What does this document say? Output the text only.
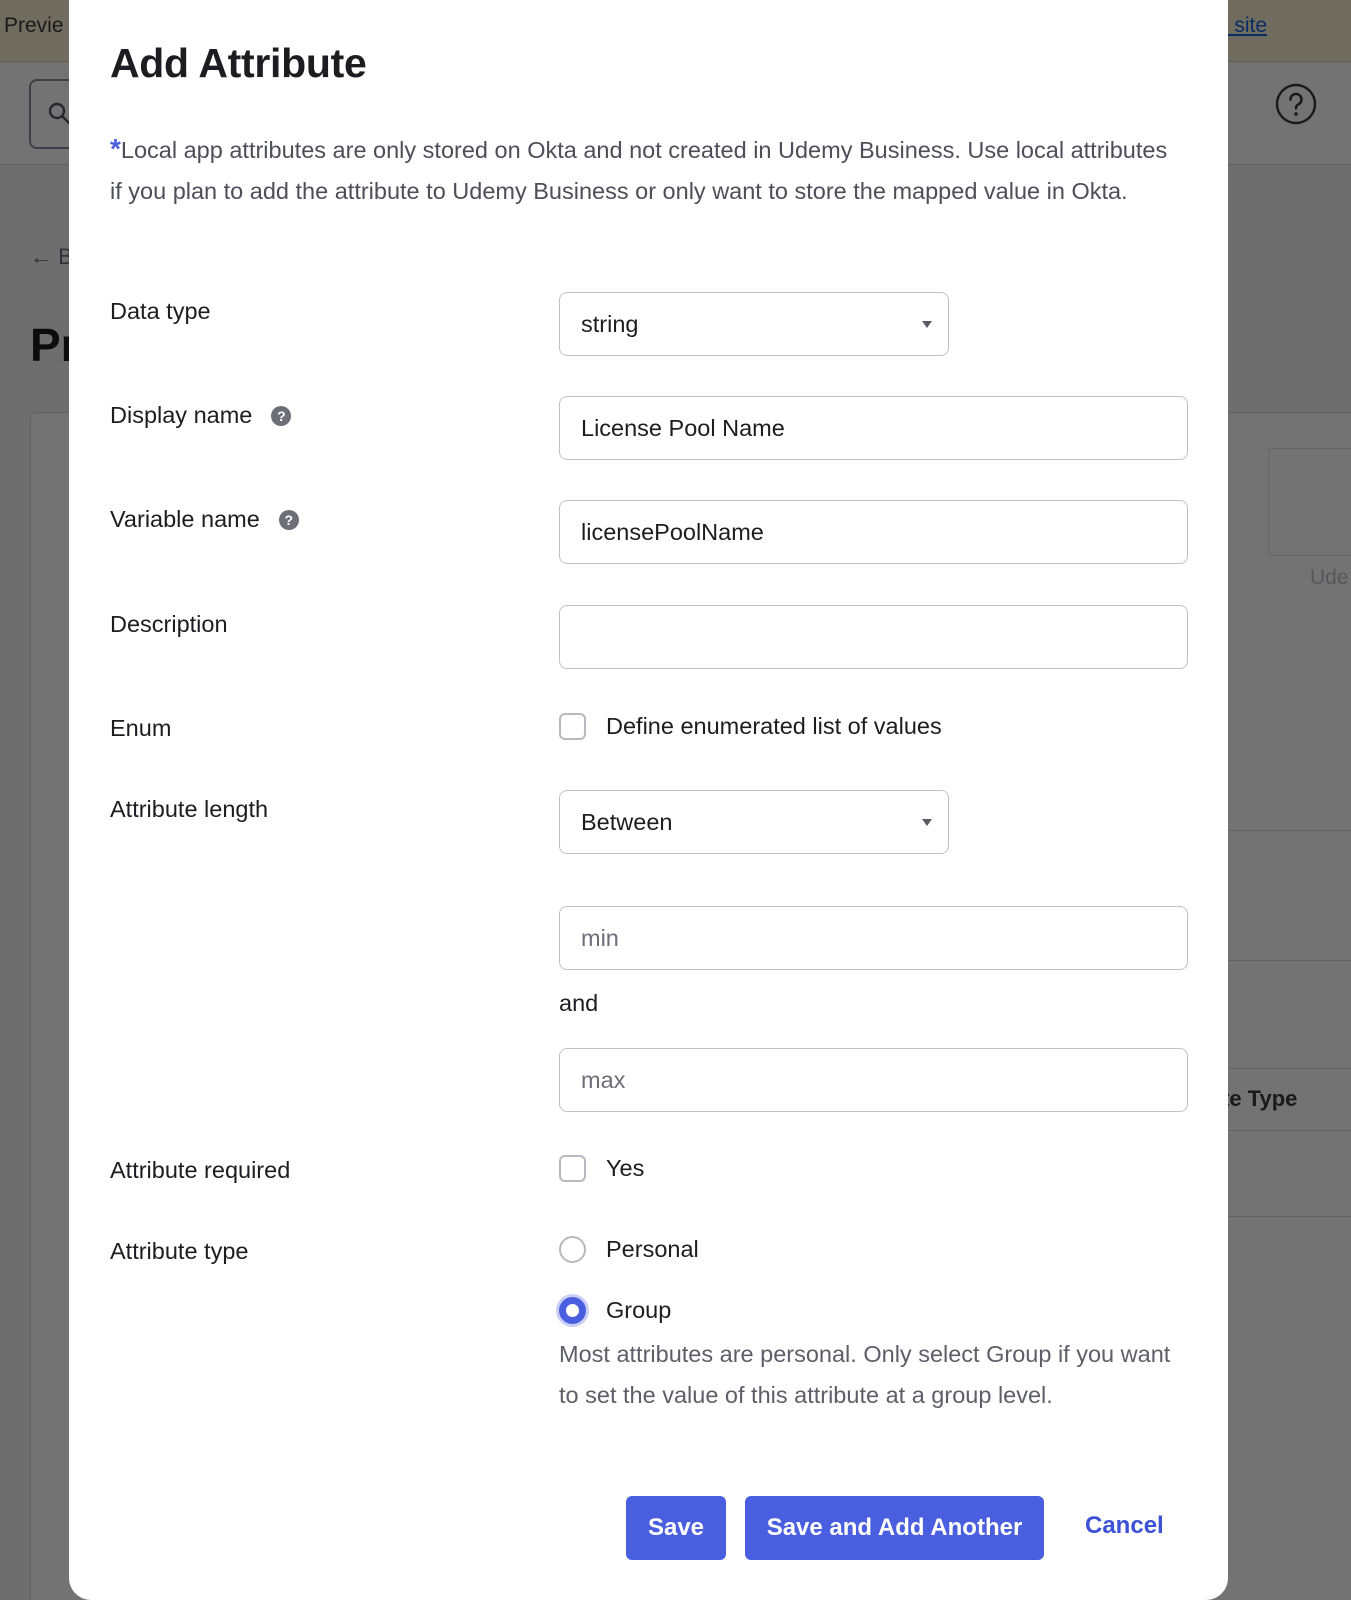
Add Attribute

*Local app attributes are only stored on Okta and not created in Udemy Business. Use local attributes if you plan to add the attribute to Udemy Business or only want to store the mapped value in Okta.

Data type	string
Display name	?	License Pool Name
Variable name	?	licensePoolName
Description
Enum	Define enumerated list of values
Attribute length	Between
min
and
max
Attribute required	Yes
Attribute type	Personal
Group

Most attributes are personal. Only select Group if you want to set the value of this attribute at a group level.

Save	Save and Add Another	Cancel
